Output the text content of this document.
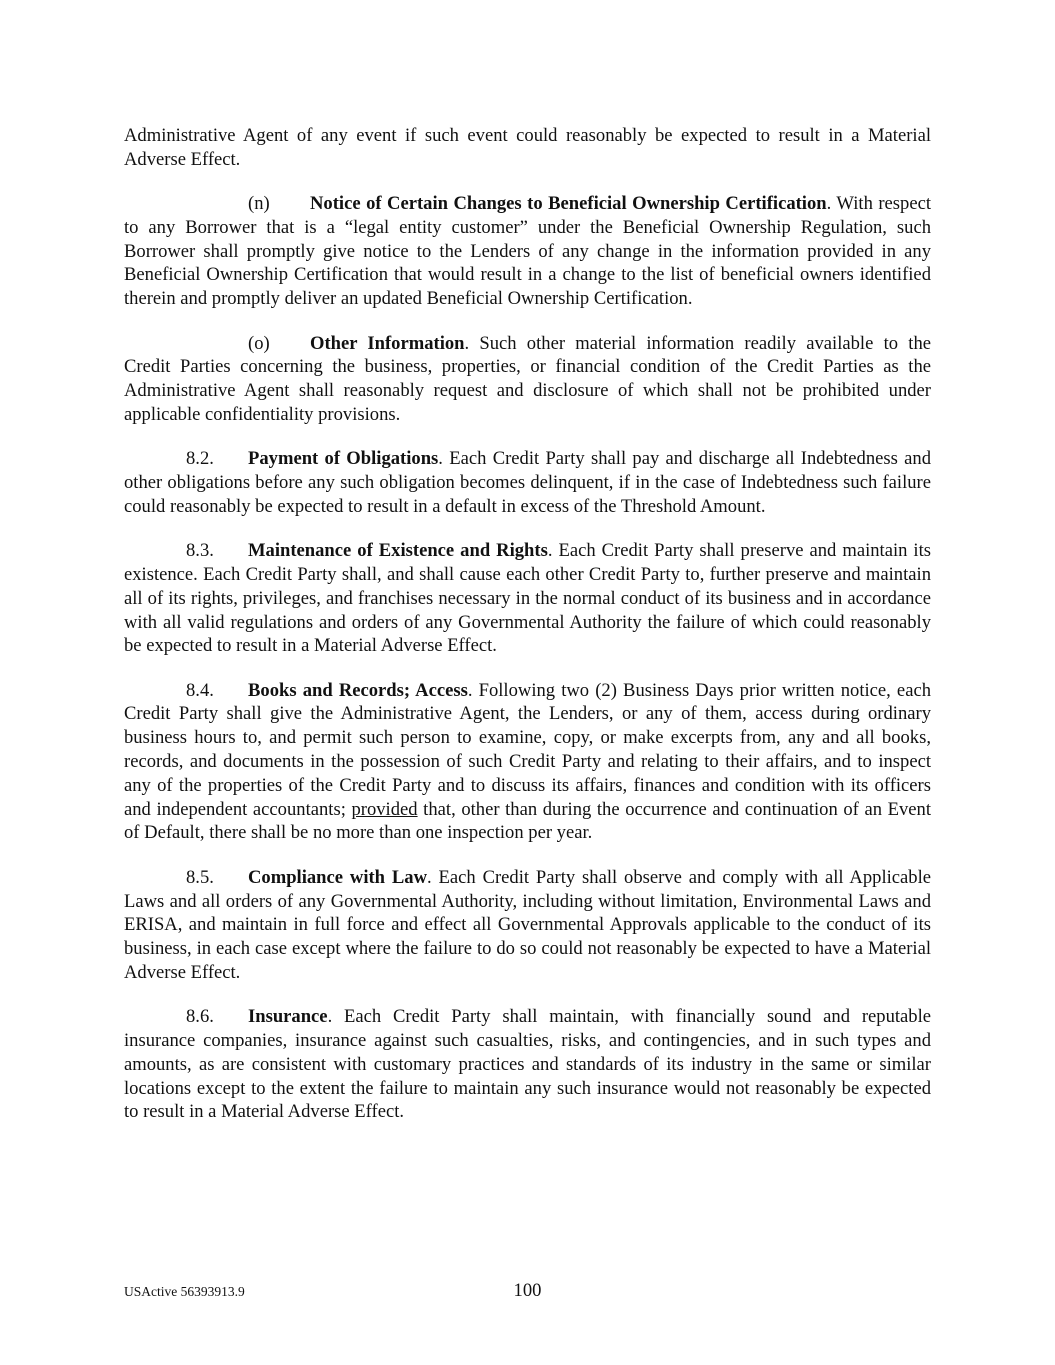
Administrative Agent of any event if such event could reasonably be expected to result in a Material Adverse Effect.

(n) Notice of Certain Changes to Beneficial Ownership Certification. With respect to any Borrower that is a “legal entity customer” under the Beneficial Ownership Regulation, such Borrower shall promptly give notice to the Lenders of any change in the information provided in any Beneficial Ownership Certification that would result in a change to the list of beneficial owners identified therein and promptly deliver an updated Beneficial Ownership Certification.

(o) Other Information. Such other material information readily available to the Credit Parties concerning the business, properties, or financial condition of the Credit Parties as the Administrative Agent shall reasonably request and disclosure of which shall not be prohibited under applicable confidentiality provisions.

8.2. Payment of Obligations. Each Credit Party shall pay and discharge all Indebtedness and other obligations before any such obligation becomes delinquent, if in the case of Indebtedness such failure could reasonably be expected to result in a default in excess of the Threshold Amount.

8.3. Maintenance of Existence and Rights. Each Credit Party shall preserve and maintain its existence. Each Credit Party shall, and shall cause each other Credit Party to, further preserve and maintain all of its rights, privileges, and franchises necessary in the normal conduct of its business and in accordance with all valid regulations and orders of any Governmental Authority the failure of which could reasonably be expected to result in a Material Adverse Effect.

8.4. Books and Records; Access. Following two (2) Business Days prior written notice, each Credit Party shall give the Administrative Agent, the Lenders, or any of them, access during ordinary business hours to, and permit such person to examine, copy, or make excerpts from, any and all books, records, and documents in the possession of such Credit Party and relating to their affairs, and to inspect any of the properties of the Credit Party and to discuss its affairs, finances and condition with its officers and independent accountants; provided that, other than during the occurrence and continuation of an Event of Default, there shall be no more than one inspection per year.

8.5. Compliance with Law. Each Credit Party shall observe and comply with all Applicable Laws and all orders of any Governmental Authority, including without limitation, Environmental Laws and ERISA, and maintain in full force and effect all Governmental Approvals applicable to the conduct of its business, in each case except where the failure to do so could not reasonably be expected to have a Material Adverse Effect.

8.6. Insurance. Each Credit Party shall maintain, with financially sound and reputable insurance companies, insurance against such casualties, risks, and contingencies, and in such types and amounts, as are consistent with customary practices and standards of its industry in the same or similar locations except to the extent the failure to maintain any such insurance would not reasonably be expected to result in a Material Adverse Effect.

USActive 56393913.9	100
